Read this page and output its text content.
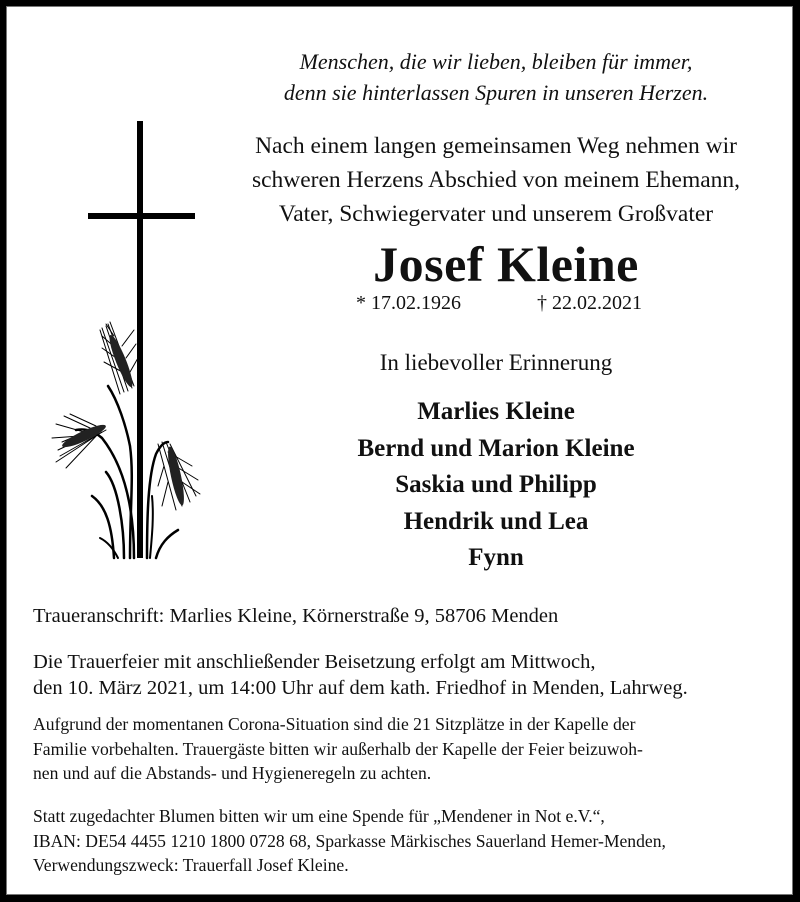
Menschen, die wir lieben, bleiben für immer,
denn sie hinterlassen Spuren in unseren Herzen.
Nach einem langen gemeinsamen Weg nehmen wir
schweren Herzens Abschied von meinem Ehemann,
Vater, Schwiegervater und unserem Großvater
Josef Kleine
* 17.02.1926	† 22.02.2021
In liebevoller Erinnerung
Marlies Kleine
Bernd und Marion Kleine
Saskia und Philipp
Hendrik und Lea
Fynn
Traueranschrift: Marlies Kleine, Körnerstraße 9, 58706 Menden
Die Trauerfeier mit anschließender Beisetzung erfolgt am Mittwoch,
den 10. März 2021, um 14:00 Uhr auf dem kath. Friedhof in Menden, Lahrweg.
Aufgrund der momentanen Corona-Situation sind die 21 Sitzplätze in der Kapelle der
Familie vorbehalten. Trauergäste bitten wir außerhalb der Kapelle der Feier beizuwoh-
nen und auf die Abstands- und Hygieneregeln zu achten.
Statt zugedachter Blumen bitten wir um eine Spende für „Mendener in Not e.V.“,
IBAN: DE54 4455 1210 1800 0728 68, Sparkasse Märkisches Sauerland Hemer-Menden,
Verwendungszweck: Trauerfall Josef Kleine.
